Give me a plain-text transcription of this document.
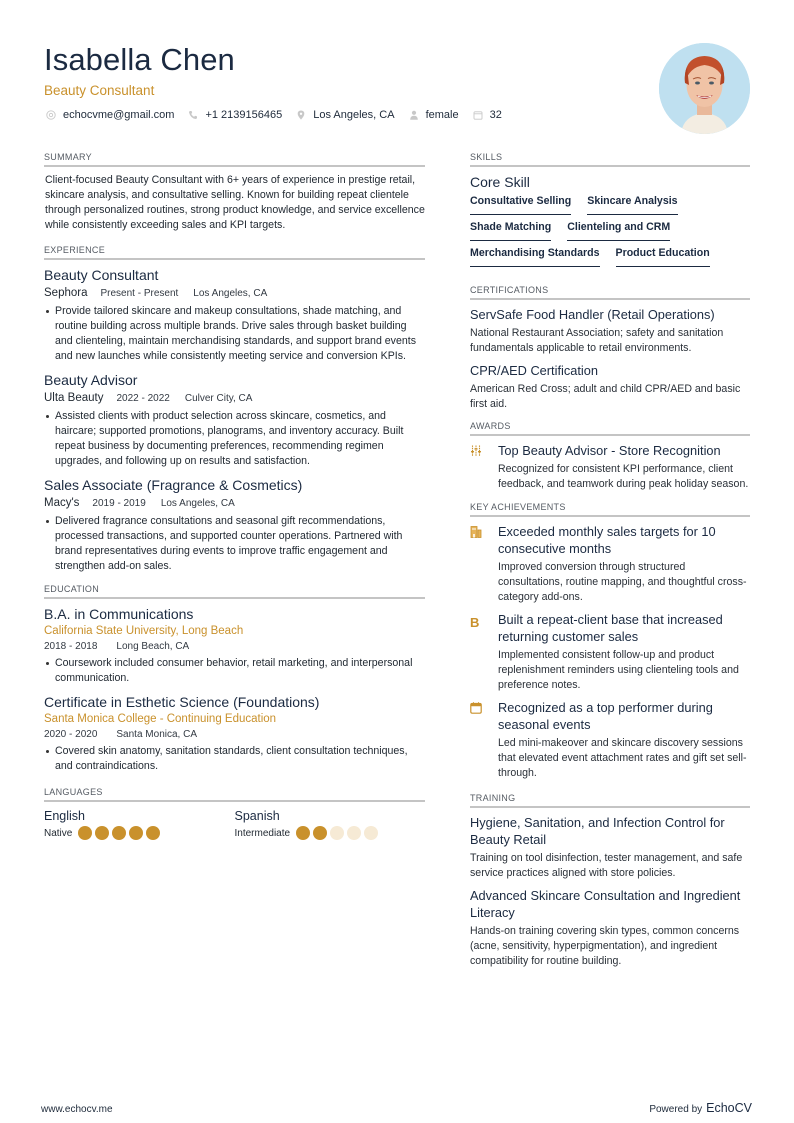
Isabella Chen
Beauty Consultant
echocvme@gmail.com	+1 2139156465	Los Angeles, CA	female	32
SUMMARY
Client-focused Beauty Consultant with 6+ years of experience in prestige retail, skincare analysis, and consultative selling. Known for building repeat clientele through personalized routines, strong product knowledge, and service excellence while consistently exceeding sales and KPI targets.
EXPERIENCE
Beauty Consultant
Sephora Present - Present Los Angeles, CA
Provide tailored skincare and makeup consultations, shade matching, and routine building across multiple brands. Drive sales through basket building and clienteling, maintain merchandising standards, and support brand events and new launches while consistently meeting service and conversion KPIs.
Beauty Advisor
Ulta Beauty 2022 - 2022 Culver City, CA
Assisted clients with product selection across skincare, cosmetics, and haircare; supported promotions, planograms, and inventory accuracy. Built repeat business by documenting preferences, recommending regimen upgrades, and following up on results and satisfaction.
Sales Associate (Fragrance & Cosmetics)
Macy's 2019 - 2019 Los Angeles, CA
Delivered fragrance consultations and seasonal gift recommendations, processed transactions, and supported counter operations. Partnered with brand representatives during events to improve traffic engagement and strengthen add-on sales.
EDUCATION
B.A. in Communications
California State University, Long Beach
2018 - 2018 Long Beach, CA
Coursework included consumer behavior, retail marketing, and interpersonal communication.
Certificate in Esthetic Science (Foundations)
Santa Monica College - Continuing Education
2020 - 2020 Santa Monica, CA
Covered skin anatomy, sanitation standards, client consultation techniques, and contraindications.
LANGUAGES
English
Native
Spanish
Intermediate
SKILLS
Core Skill
Consultative Selling Skincare Analysis
Shade Matching Clienteling and CRM
Merchandising Standards Product Education
CERTIFICATIONS
ServSafe Food Handler (Retail Operations)
National Restaurant Association; safety and sanitation fundamentals applicable to retail environments.
CPR/AED Certification
American Red Cross; adult and child CPR/AED and basic first aid.
AWARDS
Top Beauty Advisor - Store Recognition
Recognized for consistent KPI performance, client feedback, and teamwork during peak holiday season.
KEY ACHIEVEMENTS
Exceeded monthly sales targets for 10 consecutive months
Improved conversion through structured consultations, routine mapping, and thoughtful cross-category add-ons.
B	Built a repeat-client base that increased returning customer sales
Implemented consistent follow-up and product replenishment reminders using clienteling tools and preference notes.
Recognized as a top performer during seasonal events
Led mini-makeover and skincare discovery sessions that elevated event attachment rates and gift set sell-through.
TRAINING
Hygiene, Sanitation, and Infection Control for Beauty Retail
Training on tool disinfection, tester management, and safe service practices aligned with store policies.
Advanced Skincare Consultation and Ingredient Literacy
Hands-on training covering skin types, common concerns (acne, sensitivity, hyperpigmentation), and ingredient compatibility for routine building.
www.echocv.me	Powered by EchoCV
